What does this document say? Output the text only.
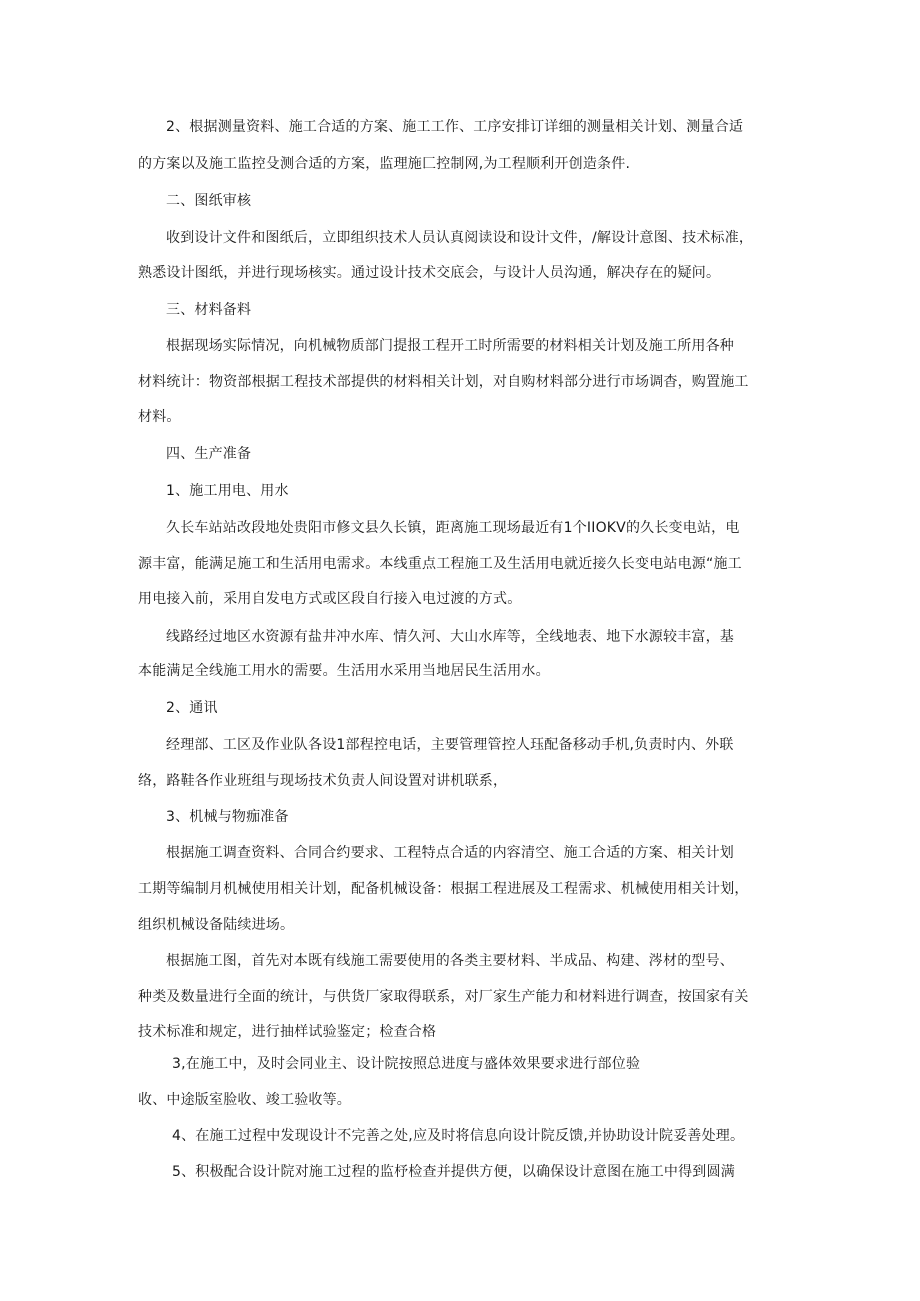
2、根据测量资料、施工合适的方案、施工工作、工序安排订详细的测量相关计划、测量合适
的方案以及施工监控殳测合适的方案，监理施匚控制网,为工程顺利开创造条件.
二、图纸审核
收到设计文件和图纸后，立即组织技术人员认真阅读设和设计文件，/解设计意图、技术标准，
熟悉设计图纸，并进行现场核实。通过设计技术交底会，与设计人员沟通，解决存在的疑问。
三、材料备料
根据现场实际情况，向机械物质部门提报工程开工时所需要的材料相关计划及施工所用各种
材料统计：物资部根据工程技术部提供的材料相关计划，对自购材料部分进行市场调杳，购置施工
材料。
四、生产准备
1、施工用电、用水
久长车站站改段地处贵阳市修文县久长镇，距离施工现场最近有1个IIOKV的久长变电站，电
源丰富，能满足施工和生活用电需求。本线重点工程施工及生活用电就近接久长变电站电源“施工
用电接入前，采用自发电方式或区段自行接入电过渡的方式。
线路经过地区水资源有盐井冲水库、情久河、大山水库等，全线地表、地下水源较丰富，基
本能满足全线施工用水的需要。生活用水采用当地居民生活用水。
2、通讯
经理部、工区及作业队各设1部程控电话，主要管理管控人珏配备移动手机,负责时内、外联
络，路鞋各作业班组与现场技术负责人间设置对讲机联系，
3、机械与物痂准备
根据施工调查资料、合同合约要求、工程特点合适的内容清空、施工合适的方案、相关计划
工期等编制月机械使用相关计划，配备机械设备：根据工程进展及工程需求、机械使用相关计划，
组织机械设备陆续进场。
根据施工图，首先对本既有线施工需要使用的各类主要材料、半成品、构建、涔材的型号、
种类及数量进行全面的统计，与供货厂家取得联系，对厂家生产能力和材料进行调查，按国家有关
技术标准和规定，进行抽样试验鉴定；检查合格
3,在施工中，及时会同业主、设计院按照总进度与盛体效果要求进行部位验
收、中途版室脸收、竣工验收等。
4、在施工过程中发现设计不完善之处,应及时将信息向设计院反馈,并协助设计院妥善处理。
5、积极配合设计院对施工过程的监杼检查并提供方便，以确保设计意图在施工中得到圆满
